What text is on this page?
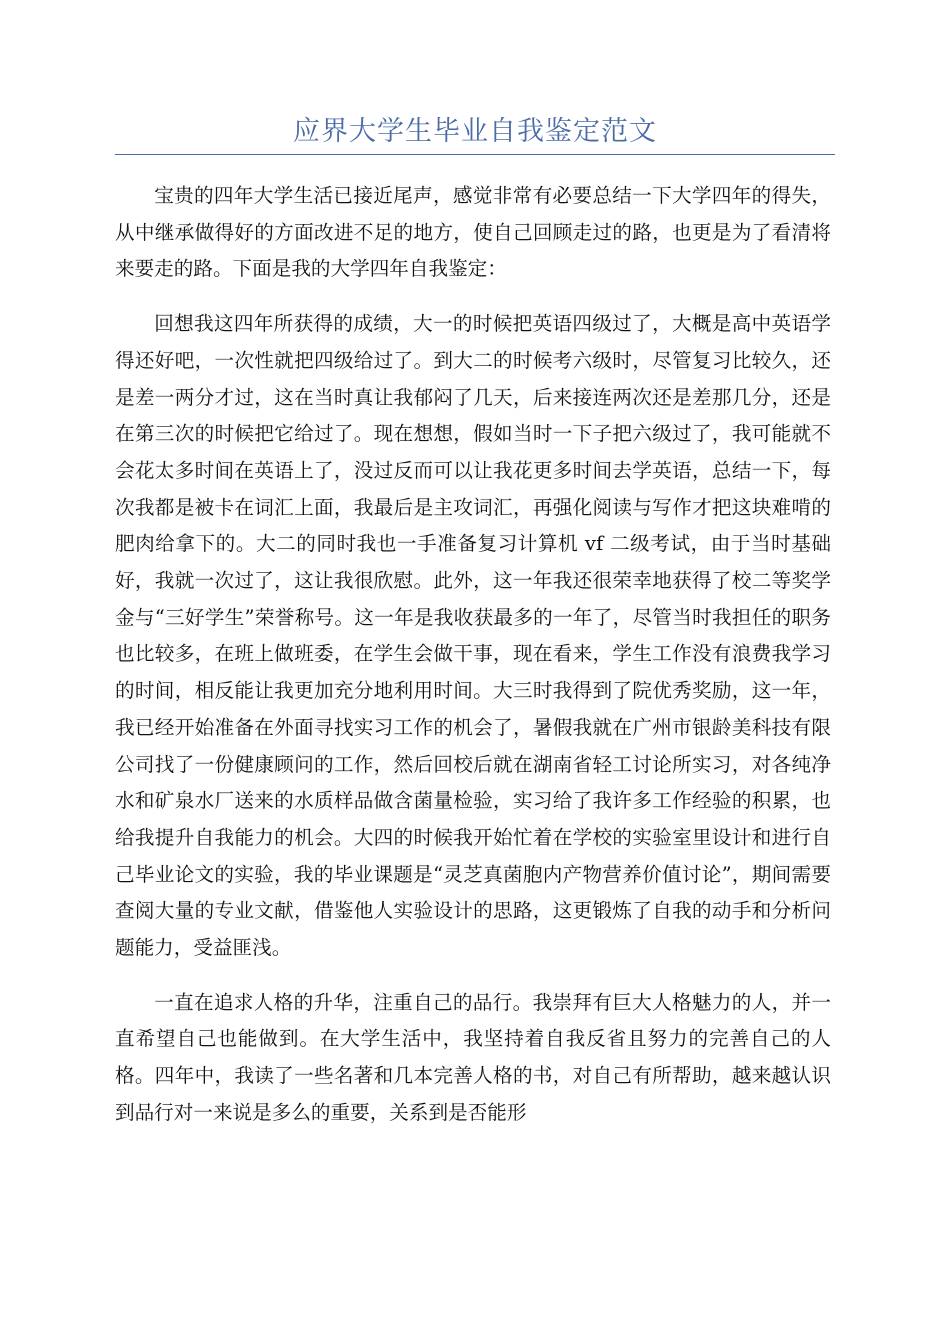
应界大学生毕业自我鉴定范文

宝贵的四年大学生活已接近尾声，感觉非常有必要总结一下大学四年的得失，从中继承做得好的方面改进不足的地方，使自己回顾走过的路，也更是为了看清将来要走的路。下面是我的大学四年自我鉴定：

回想我这四年所获得的成绩，大一的时候把英语四级过了，大概是高中英语学得还好吧，一次性就把四级给过了。到大二的时候考六级时，尽管复习比较久，还是差一两分才过，这在当时真让我郁闷了几天，后来接连两次还是差那几分，还是在第三次的时候把它给过了。现在想想，假如当时一下子把六级过了，我可能就不会花太多时间在英语上了，没过反而可以让我花更多时间去学英语，总结一下，每次我都是被卡在词汇上面，我最后是主攻词汇，再强化阅读与写作才把这块难啃的肥肉给拿下的。大二的同时我也一手准备复习计算机 vf 二级考试，由于当时基础好，我就一次过了，这让我很欣慰。此外，这一年我还很荣幸地获得了校二等奖学金与“三好学生”荣誉称号。这一年是我收获最多的一年了，尽管当时我担任的职务也比较多，在班上做班委，在学生会做干事，现在看来，学生工作没有浪费我学习的时间，相反能让我更加充分地利用时间。大三时我得到了院优秀奖励，这一年，我已经开始准备在外面寻找实习工作的机会了，暑假我就在广州市银龄美科技有限公司找了一份健康顾问的工作，然后回校后就在湖南省轻工讨论所实习，对各纯净水和矿泉水厂送来的水质样品做含菌量检验，实习给了我许多工作经验的积累，也给我提升自我能力的机会。大四的时候我开始忙着在学校的实验室里设计和进行自己毕业论文的实验，我的毕业课题是“灵芝真菌胞内产物营养价值讨论”，期间需要查阅大量的专业文献，借鉴他人实验设计的思路，这更锻炼了自我的动手和分析问题能力，受益匪浅。

一直在追求人格的升华，注重自己的品行。我崇拜有巨大人格魅力的人，并一直希望自己也能做到。在大学生活中，我坚持着自我反省且努力的完善自己的人格。四年中，我读了一些名著和几本完善人格的书，对自己有所帮助，越来越认识到品行对一来说是多么的重要，关系到是否能形
